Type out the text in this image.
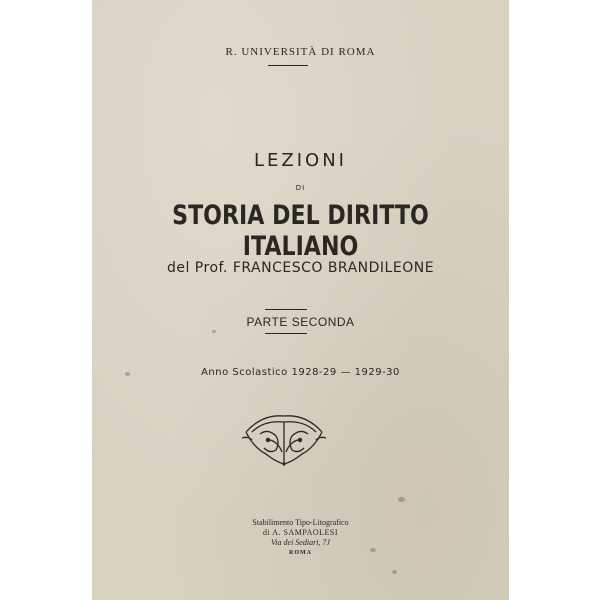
R. UNIVERSITÀ DI ROMA
LEZIONI
DI
STORIA DEL DIRITTO ITALIANO
del Prof. FRANCESCO BRANDILEONE
PARTE SECONDA
Anno Scolastico 1928-29 — 1929-30
Stabilimento Tipo-Litografico
di A. SAMPAOLESI
Via dei Sediari, 7J
ROMA
